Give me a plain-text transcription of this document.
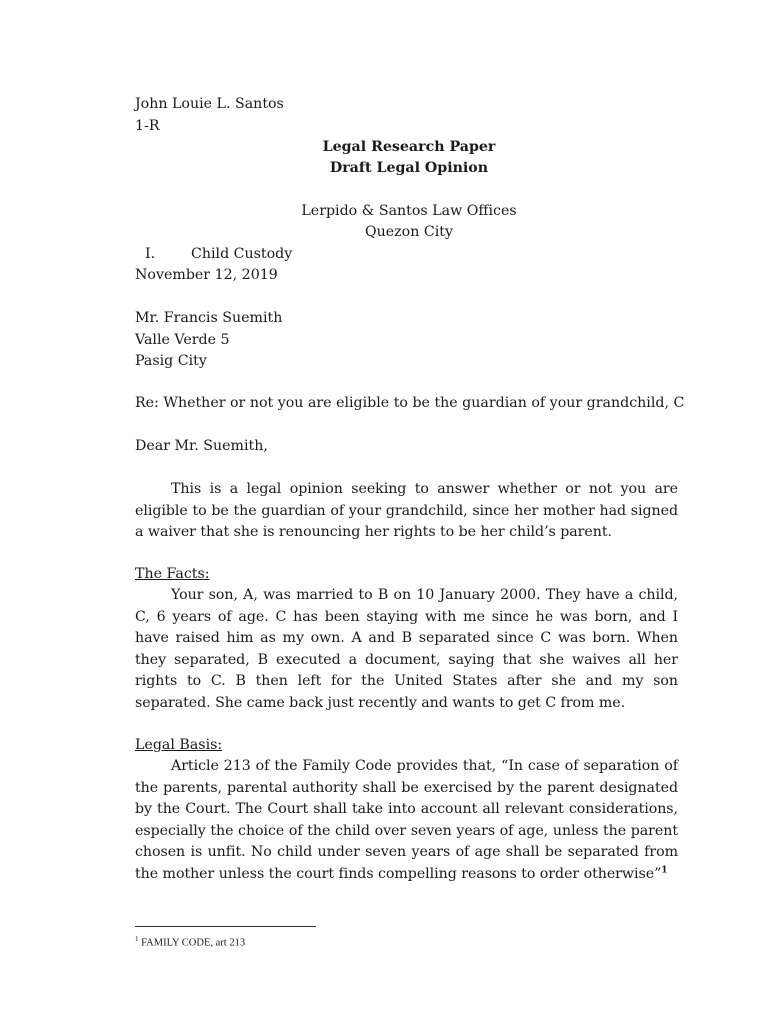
John Louie L. Santos

1-R

Legal Research Paper

Draft Legal Opinion

Lerpido & Santos Law Offices

Quezon City

I.	Child Custody

November 12, 2019

Mr. Francis Suemith

Valle Verde 5

Pasig City

Re: Whether or not you are eligible to be the guardian of your grandchild, C

Dear Mr. Suemith,

This is a legal opinion seeking to answer whether or not you are eligible to be the guardian of your grandchild, since her mother had signed a waiver that she is renouncing her rights to be her child’s parent.

The Facts:

Your son, A, was married to B on 10 January 2000. They have a child, C, 6 years of age. C has been staying with me since he was born, and I have raised him as my own. A and B separated since C was born. When they separated, B executed a document, saying that she waives all her rights to C. B then left for the United States after she and my son separated. She came back just recently and wants to get C from me.

Legal Basis:

Article 213 of the Family Code provides that, “In case of separation of the parents, parental authority shall be exercised by the parent designated by the Court. The Court shall take into account all relevant considerations, especially the choice of the child over seven years of age, unless the parent chosen is unfit. No child under seven years of age shall be separated from the mother unless the court finds compelling reasons to order otherwise”$^1$

$^1$ FAMILY CODE, art 213
